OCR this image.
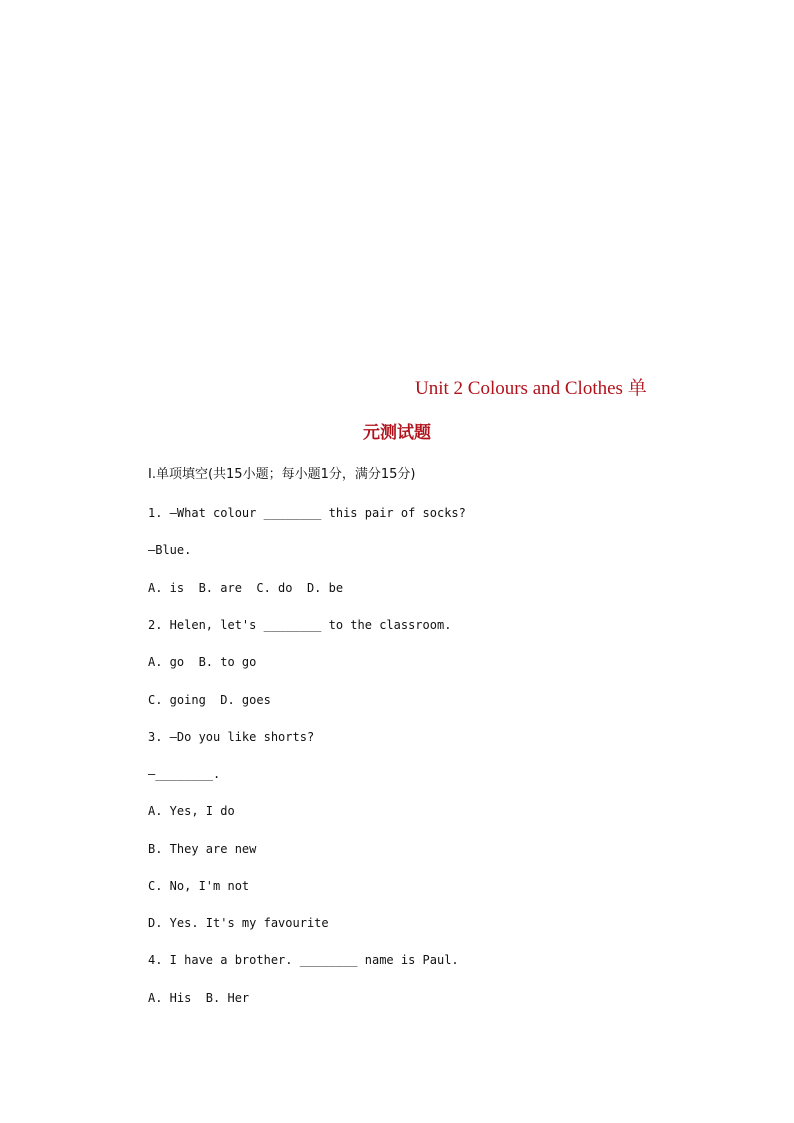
Unit 2 Colours and Clothes 单
元测试题
Ⅰ.单项填空(共15小题；每小题1分，满分15分)
1. —What colour ________ this pair of socks?
—Blue.
A. is  B. are  C. do  D. be
2. Helen, let's ________ to the classroom.
A. go  B. to go
C. going  D. goes
3. —Do you like shorts?
—________.
A. Yes, I do
B. They are new
C. No, I'm not
D. Yes. It's my favourite
4. I have a brother. ________ name is Paul.
A. His  B. Her
